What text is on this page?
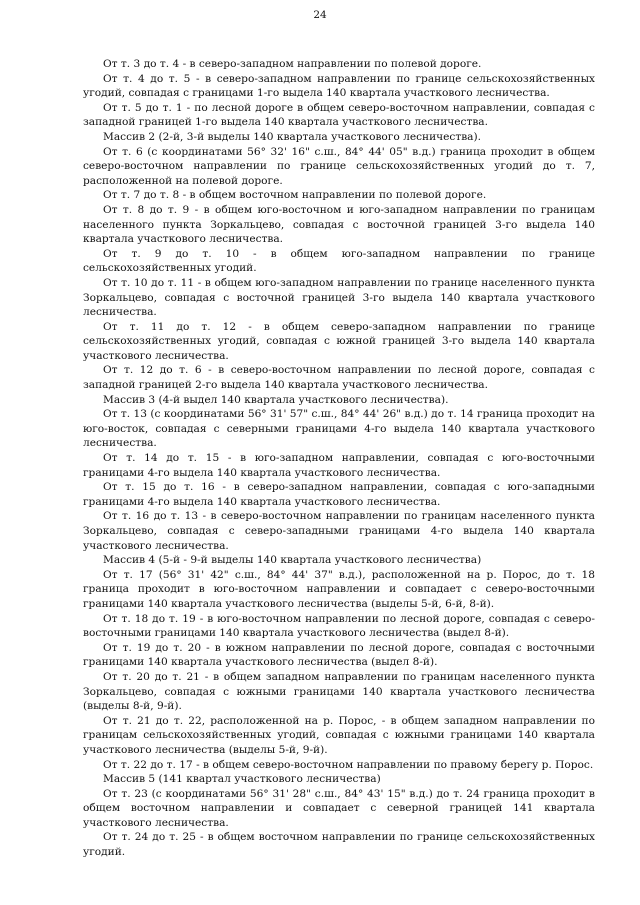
24

От т. 3 до т. 4 - в северо-западном направлении по полевой дороге.

От т. 4 до т. 5 - в северо-западном направлении по границе сельскохозяйственных угодий, совпадая с границами 1-го выдела 140 квартала участкового лесничества.

От т. 5 до т. 1 - по лесной дороге в общем северо-восточном направлении, совпадая с западной границей 1-го выдела 140 квартала участкового лесничества.

Массив 2 (2-й, 3-й выделы 140 квартала участкового лесничества).

От т. 6 (с координатами 56° 32' 16" с.ш., 84° 44' 05" в.д.) граница проходит в общем северо-восточном направлении по границе сельскохозяйственных угодий до т. 7, расположенной на полевой дороге.

От т. 7 до т. 8 - в общем восточном направлении по полевой дороге.

От т. 8 до т. 9 - в общем юго-восточном и юго-западном направлении по границам населенного пункта Зоркальцево, совпадая с восточной границей 3-го выдела 140 квартала участкового лесничества.

От т. 9 до т. 10 - в общем юго-западном направлении по границе сельскохозяйственных угодий.

От т. 10 до т. 11 - в общем юго-западном направлении по границе населенного пункта Зоркальцево, совпадая с восточной границей 3-го выдела 140 квартала участкового лесничества.

От т. 11 до т. 12 - в общем северо-западном направлении по границе сельскохозяйственных угодий, совпадая с южной границей 3-го выдела 140 квартала участкового лесничества.

От т. 12 до т. 6 - в северо-восточном направлении по лесной дороге, совпадая с западной границей 2-го выдела 140 квартала участкового лесничества.

Массив 3 (4-й выдел 140 квартала участкового лесничества).

От т. 13 (с координатами 56° 31' 57" с.ш., 84° 44' 26" в.д.) до т. 14 граница проходит на юго-восток, совпадая с северными границами 4-го выдела 140 квартала участкового лесничества.

От т. 14 до т. 15 - в юго-западном направлении, совпадая с юго-восточными границами 4-го выдела 140 квартала участкового лесничества.

От т. 15 до т. 16 - в северо-западном направлении, совпадая с юго-западными границами 4-го выдела 140 квартала участкового лесничества.

От т. 16 до т. 13 - в северо-восточном направлении по границам населенного пункта Зоркальцево, совпадая с северо-западными границами 4-го выдела 140 квартала участкового лесничества.

Массив 4 (5-й - 9-й выделы 140 квартала участкового лесничества)

От т. 17 (56° 31' 42" с.ш., 84° 44' 37" в.д.), расположенной на р. Порос, до т. 18 граница проходит в юго-восточном направлении и совпадает с северо-восточными границами 140 квартала участкового лесничества (выделы 5-й, 6-й, 8-й).

От т. 18 до т. 19 - в юго-восточном направлении по лесной дороге, совпадая с северо-восточными границами 140 квартала участкового лесничества (выдел 8-й).

От т. 19 до т. 20 - в южном направлении по лесной дороге, совпадая с восточными границами 140 квартала участкового лесничества (выдел 8-й).

От т. 20 до т. 21 - в общем западном направлении по границам населенного пункта Зоркальцево, совпадая с южными границами 140 квартала участкового лесничества (выделы 8-й, 9-й).

От т. 21 до т. 22, расположенной на р. Порос, - в общем западном направлении по границам сельскохозяйственных угодий, совпадая с южными границами 140 квартала участкового лесничества (выделы 5-й, 9-й).

От т. 22 до т. 17 - в общем северо-восточном направлении по правому берегу р. Порос.

Массив 5 (141 квартал участкового лесничества)

От т. 23 (с координатами 56° 31' 28" с.ш., 84° 43' 15" в.д.) до т. 24 граница проходит в общем восточном направлении и совпадает с северной границей 141 квартала участкового лесничества.

От т. 24 до т. 25 - в общем восточном направлении по границе сельскохозяйственных угодий.
